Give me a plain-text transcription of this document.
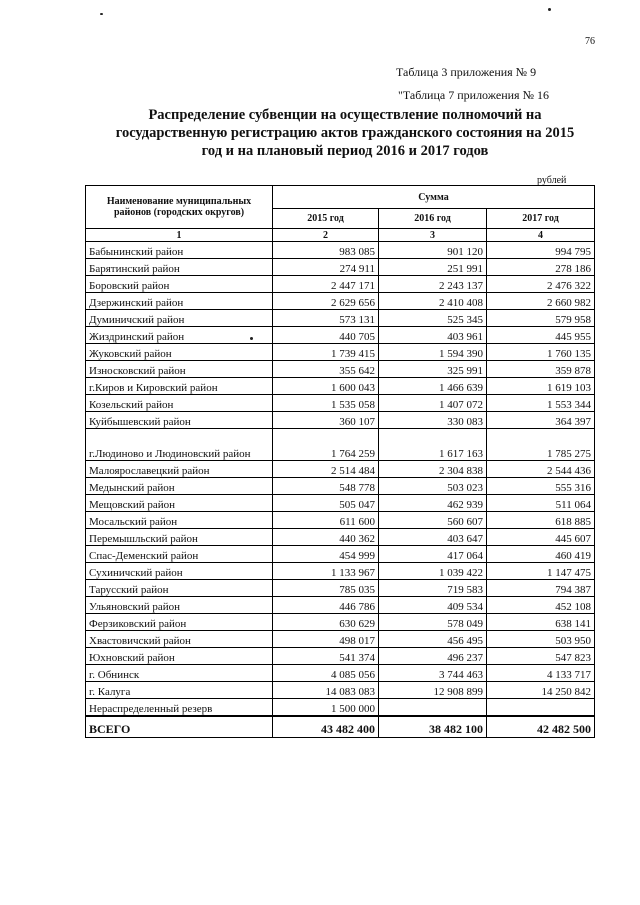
76
Таблица 3 приложения № 9
"Таблица 7 приложения № 16
Распределение субвенции на осуществление полномочий на государственную регистрацию актов гражданского состояния на 2015 год и на плановый период 2016 и 2017 годов
рублей
Наименование муниципальных районов (городских округов)	Сумма		
	2015 год	2016 год	2017 год
1	2	3	4
Бабынинский район	983 085	901 120	994 795
Барятинский район	274 911	251 991	278 186
Боровский район	2 447 171	2 243 137	2 476 322
Дзержинский район	2 629 656	2 410 408	2 660 982
Думиничский район	573 131	525 345	579 958
Жиздринский район	440 705	403 961	445 955
Жуковский район	1 739 415	1 594 390	1 760 135
Износковский район	355 642	325 991	359 878
г.Киров и Кировский район	1 600 043	1 466 639	1 619 103
Козельский район	1 535 058	1 407 072	1 553 344
Куйбышевский район	360 107	330 083	364 397
г.Людиново и Людиновский район	1 764 259	1 617 163	1 785 275
Малоярославецкий район	2 514 484	2 304 838	2 544 436
Медынский район	548 778	503 023	555 316
Мещовский район	505 047	462 939	511 064
Мосальский район	611 600	560 607	618 885
Перемышльский район	440 362	403 647	445 607
Спас-Деменский район	454 999	417 064	460 419
Сухиничский район	1 133 967	1 039 422	1 147 475
Тарусский район	785 035	719 583	794 387
Ульяновский район	446 786	409 534	452 108
Ферзиковский район	630 629	578 049	638 141
Хвастовичский район	498 017	456 495	503 950
Юхновский район	541 374	496 237	547 823
г. Обнинск	4 085 056	3 744 463	4 133 717
г. Калуга	14 083 083	12 908 899	14 250 842
Нераспределенный резерв	1 500 000		
ВСЕГО	43 482 400	38 482 100	42 482 500
